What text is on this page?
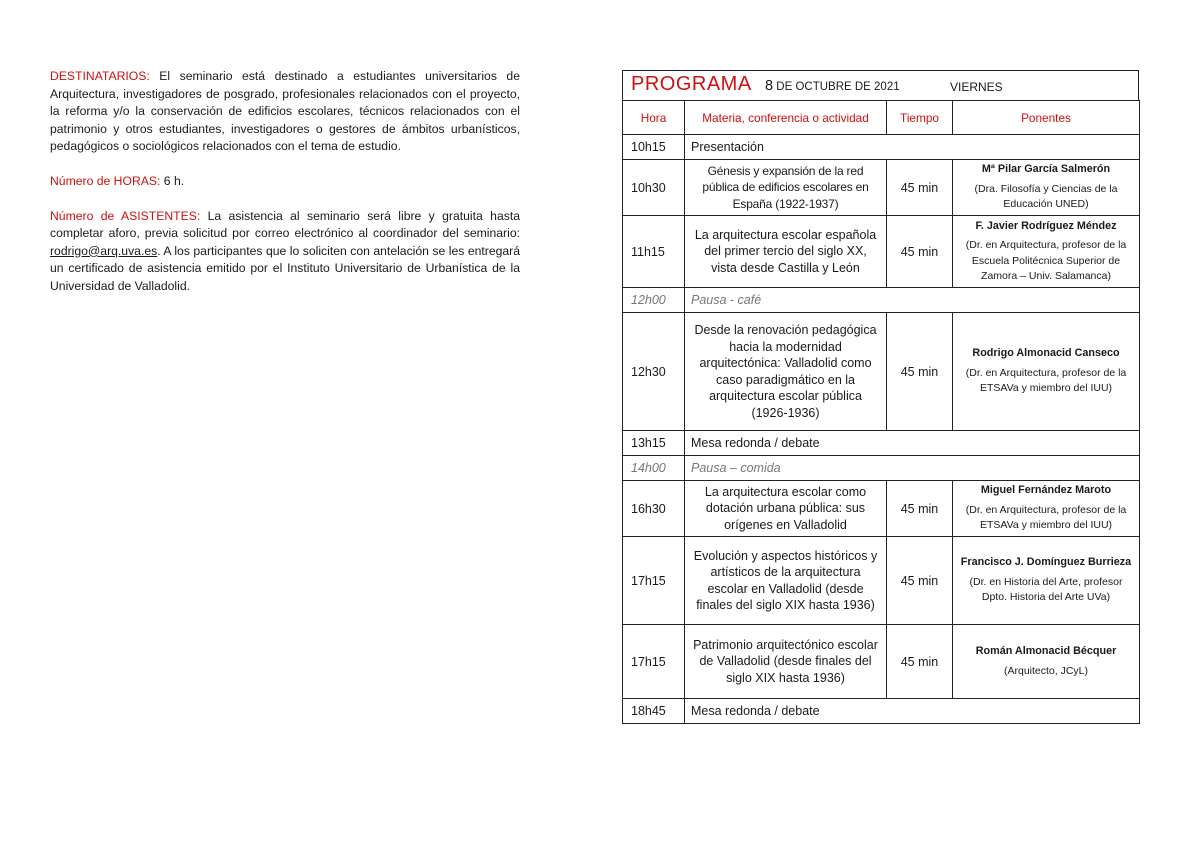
DESTINATARIOS: El seminario está destinado a estudiantes universitarios de Arquitectura, investigadores de posgrado, profesionales relacionados con el proyecto, la reforma y/o la conservación de edificios escolares, técnicos relacionados con el patrimonio y otros estudiantes, investigadores o gestores de ámbitos urbanísticos, pedagógicos o sociológicos relacionados con el tema de estudio.

Número de HORAS: 6 h.

Número de ASISTENTES: La asistencia al seminario será libre y gratuita hasta completar aforo, previa solicitud por correo electrónico al coordinador del seminario: rodrigo@arq.uva.es. A los participantes que lo soliciten con antelación se les entregará un certificado de asistencia emitido por el Instituto Universitario de Urbanística de la Universidad de Valladolid.

PROGRAMA 8 DE OCTUBRE DE 2021	VIERNES
Hora	Materia, conferencia o actividad	Tiempo	Ponentes
10h15	Presentación		
10h30	Génesis y expansión de la red pública de edificios escolares en España (1922-1937)	45 min	Mª Pilar García Salmerón
(Dra. Filosofía y Ciencias de la Educación UNED)
11h15	La arquitectura escolar española del primer tercio del siglo XX, vista desde Castilla y León	45 min	F. Javier Rodríguez Méndez
(Dr. en Arquitectura, profesor de la Escuela Politécnica Superior de Zamora – Univ. Salamanca)
12h00	Pausa - café		
12h30	Desde la renovación pedagógica hacia la modernidad arquitectónica: Valladolid como caso paradigmático en la arquitectura escolar pública (1926-1936)	45 min	Rodrigo Almonacid Canseco
(Dr. en Arquitectura, profesor de la ETSAVa y miembro del IUU)
13h15	Mesa redonda / debate		
14h00	Pausa – comida		
16h30	La arquitectura escolar como dotación urbana pública: sus orígenes en Valladolid	45 min	Miguel Fernández Maroto
(Dr. en Arquitectura, profesor de la ETSAVa y miembro del IUU)
17h15	Evolución y aspectos históricos y artísticos de la arquitectura escolar en Valladolid (desde finales del siglo XIX hasta 1936)	45 min	Francisco J. Domínguez Burrieza
(Dr. en Historia del Arte, profesor Dpto. Historia del Arte UVa)
17h15	Patrimonio arquitectónico escolar de Valladolid (desde finales del siglo XIX hasta 1936)	45 min	Román Almonacid Bécquer
(Arquitecto, JCyL)
18h45	Mesa redonda / debate		
